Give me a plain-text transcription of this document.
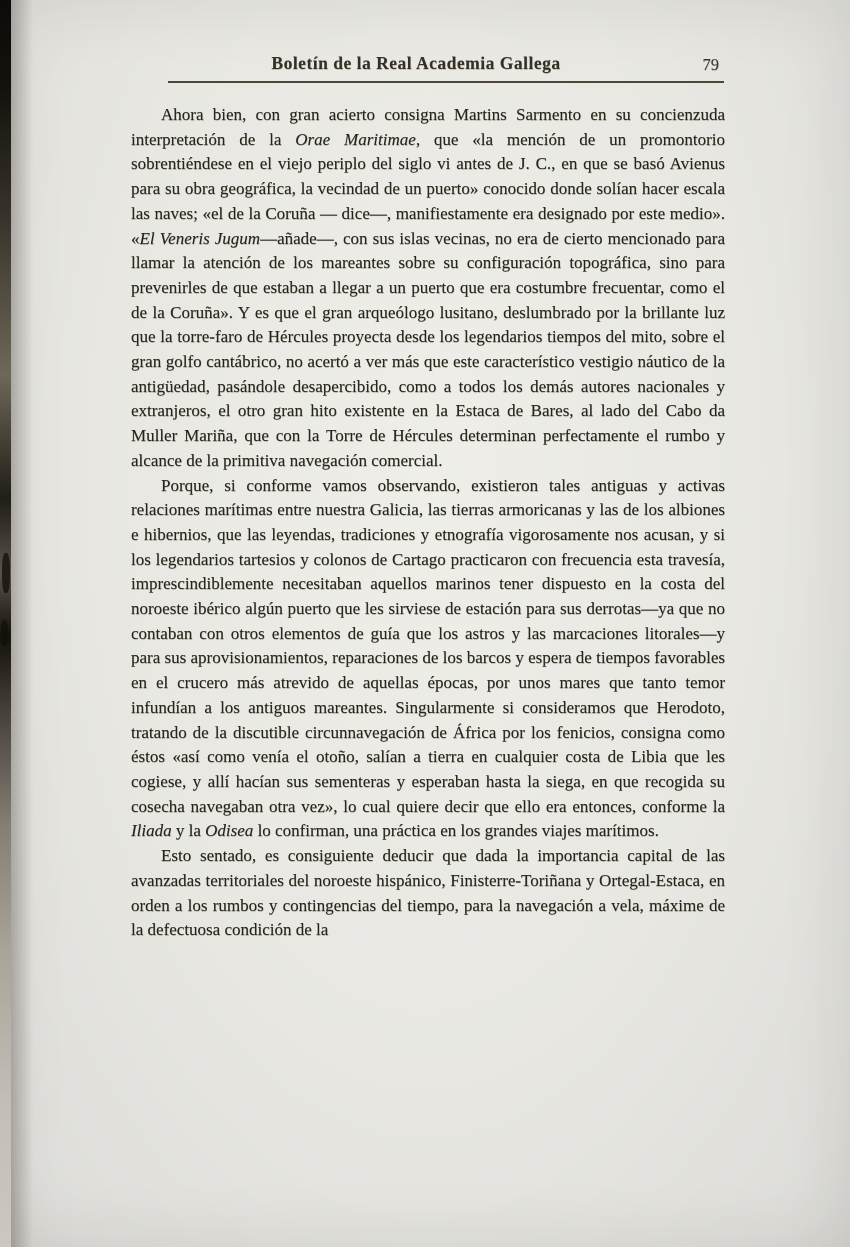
Boletín de la Real Academia Gallega	79

Ahora bien, con gran acierto consigna Martins Sarmento en su concienzuda interpretación de la Orae Maritimae, que «la mención de un promontorio sobrentiéndese en el viejo periplo del siglo vi antes de J. C., en que se basó Avienus para su obra geográfica, la vecindad de un puerto» conocido donde solían hacer escala las naves; «el de la Coruña — dice—, manifiestamente era designado por este medio». «El Veneris Jugum—añade—, con sus islas vecinas, no era de cierto mencionado para llamar la atención de los mareantes sobre su configuración topográfica, sino para prevenirles de que estaban a llegar a un puerto que era costumbre frecuentar, como el de la Coruña». Y es que el gran arqueólogo lusitano, deslumbrado por la brillante luz que la torre-faro de Hércules proyecta desde los legendarios tiempos del mito, sobre el gran golfo cantábrico, no acertó a ver más que este característico vestigio náutico de la antigüedad, pasándole desapercibido, como a todos los demás autores nacionales y extranjeros, el otro gran hito existente en la Estaca de Bares, al lado del Cabo da Muller Mariña, que con la Torre de Hércules determinan perfectamente el rumbo y alcance de la primitiva navegación comercial.

Porque, si conforme vamos observando, existieron tales antiguas y activas relaciones marítimas entre nuestra Galicia, las tierras armoricanas y las de los albiones e hibernios, que las leyendas, tradiciones y etnografía vigorosamente nos acusan, y si los legendarios tartesios y colonos de Cartago practicaron con frecuencia esta travesía, imprescindiblemente necesitaban aquellos marinos tener dispuesto en la costa del noroeste ibérico algún puerto que les sirviese de estación para sus derrotas—ya que no contaban con otros elementos de guía que los astros y las marcaciones litorales—y para sus aprovisionamientos, reparaciones de los barcos y espera de tiempos favorables en el crucero más atrevido de aquellas épocas, por unos mares que tanto temor infundían a los antiguos mareantes. Singularmente si consideramos que Herodoto, tratando de la discutible circunnavegación de África por los fenicios, consigna como éstos «así como venía el otoño, salían a tierra en cualquier costa de Libia que les cogiese, y allí hacían sus sementeras y esperaban hasta la siega, en que recogida su cosecha navegaban otra vez», lo cual quiere decir que ello era entonces, conforme la Iliada y la Odisea lo confirman, una práctica en los grandes viajes marítimos.

Esto sentado, es consiguiente deducir que dada la importancia capital de las avanzadas territoriales del noroeste hispánico, Finisterre-Toriñana y Ortegal-Estaca, en orden a los rumbos y contingencias del tiempo, para la navegación a vela, máxime de la defectuosa condición de la
